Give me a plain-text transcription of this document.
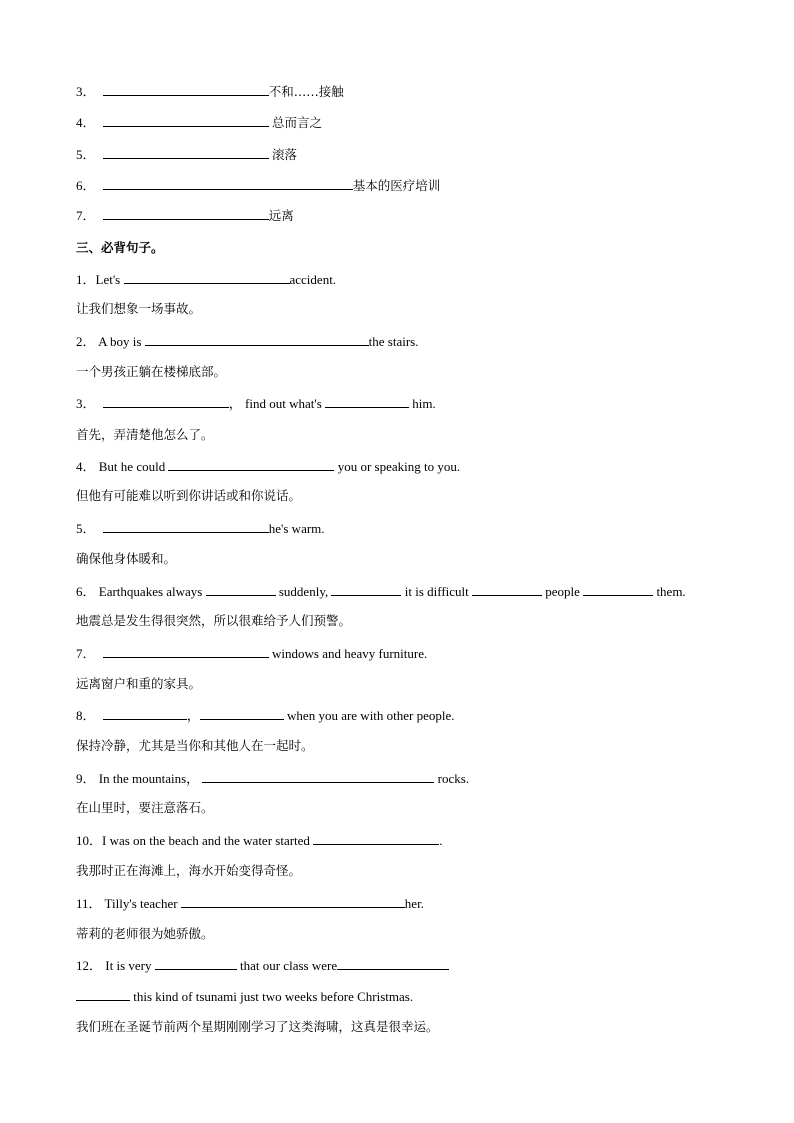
3．	不和……接触
4．	总而言之
5．	滚落
6．	基本的医疗培训
7．	远离
三、必背句子。
1．Let's	accident.
让我们想象一场事故。
2． A boy is	the stairs.
一个男孩正躺在楼梯底部。
3．	， find out what's	him.
首先，弄清楚他怎么了。
4． But he could	you or speaking to you.
但他有可能难以听到你讲话或和你说话。
5．	he's warm.
确保他身体暖和。
6． Earthquakes always	suddenly,	it is difficult	people	them.
地震总是发生得很突然，所以很难给予人们预警。
7．	windows and heavy furniture.
远离窗户和重的家具。
8．	，	when you are with other people.
保持冷静，尤其是当你和其他人在一起时。
9． In the mountains，	rocks.
在山里时，要注意落石。
10．I was on the beach and the water started	.
我那时正在海滩上，海水开始变得奇怪。
11． Tilly's teacher	her.
蒂莉的老师很为她骄傲。
12． It is very	that our class were
this kind of tsunami just two weeks before Christmas.
我们班在圣诞节前两个星期刚刚学习了这类海啸，这真是很幸运。
